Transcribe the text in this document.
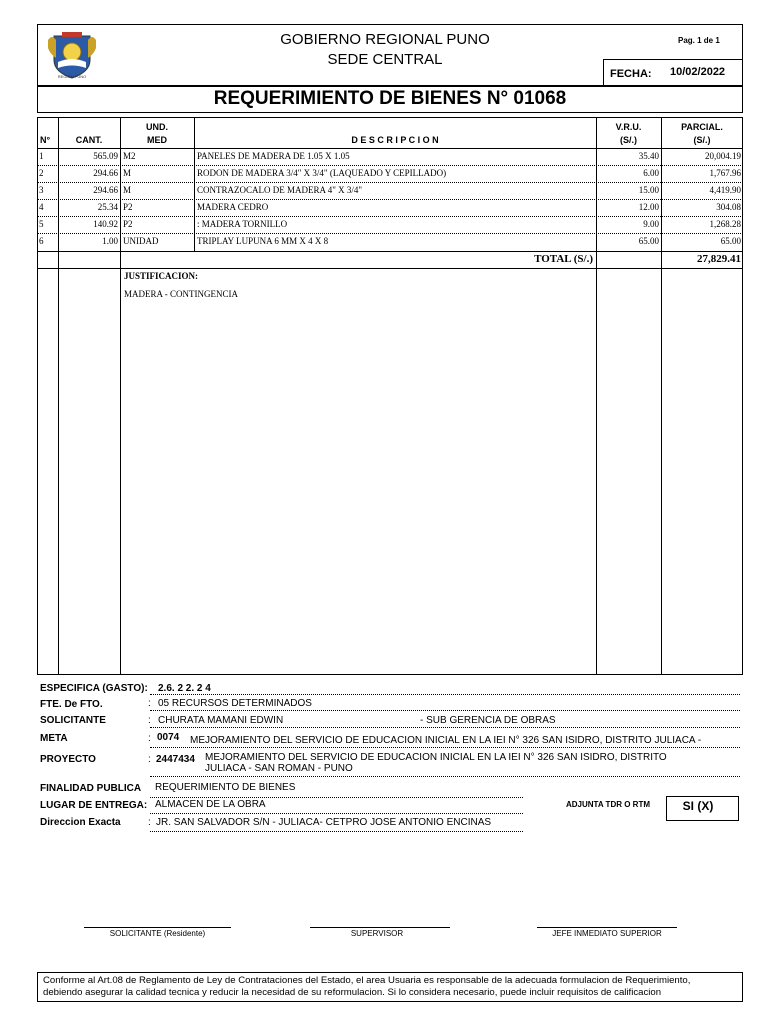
REGIÓN PUNO
GOBIERNO REGIONAL PUNO
SEDE CENTRAL
Pag. 1 de 1
FECHA: 10/02/2022
REQUERIMIENTO DE BIENES N° 01068
N°	CANT.
UND.
MED	D E S C R I P C I O N
V.R.U.
(S/.)
PARCIAL.
(S/.)
1	565.09 M2	PANELES DE MADERA DE 1.05 X 1.05	35.40	20,004.19
2	294.66 M	RODON DE MADERA 3/4" X 3/4" (LAQUEADO Y CEPILLADO)	6.00	1,767.96
3	294.66 M	CONTRAZOCALO DE MADERA 4" X 3/4"	15.00	4,419.90
4	25.34 P2	MADERA CEDRO	12.00	304.08
5	140.92 P2	: MADERA TORNILLO	9.00	1,268.28
6	1.00 UNIDAD	TRIPLAY LUPUNA 6 MM X 4 X 8	65.00	65.00
TOTAL (S/.)	27,829.41
JUSTIFICACION:
MADERA - CONTINGENCIA
ESPECIFICA (GASTO): 2.6. 2 2. 2 4
FTE. De FTO.	: 05 RECURSOS DETERMINADOS
SOLICITANTE	: CHURATA MAMANI EDWIN	- SUB GERENCIA DE OBRAS
META	: 0074 MEJORAMIENTO DEL SERVICIO DE EDUCACION INICIAL EN LA IEI N° 326 SAN ISIDRO, DISTRITO JULIACA -
PROYECTO	: 2447434 MEJORAMIENTO DEL SERVICIO DE EDUCACION INICIAL EN LA IEI N° 326 SAN ISIDRO, DISTRITO
JULIACA - SAN ROMAN - PUNO
FINALIDAD PUBLICA REQUERIMIENTO DE BIENES
LUGAR DE ENTREGA: ALMACEN DE LA OBRA	ADJUNTA TDR O RTM	SI (X)
Direccion Exacta	: JR. SAN SALVADOR S/N - JULIACA- CETPRO JOSE ANTONIO ENCINAS
SOLICITANTE (Residente)	SUPERVISOR	JEFE INMEDIATO SUPERIOR
Conforme al Art.08 de Reglamento de Ley de Contrataciones del Estado, el area Usuaria es responsable de la adecuada formulacion de Requerimiento,
debiendo asegurar la calidad tecnica y reducir la necesidad de su reformulacion. Si lo considera necesario, puede incluir requisitos de calificacion
